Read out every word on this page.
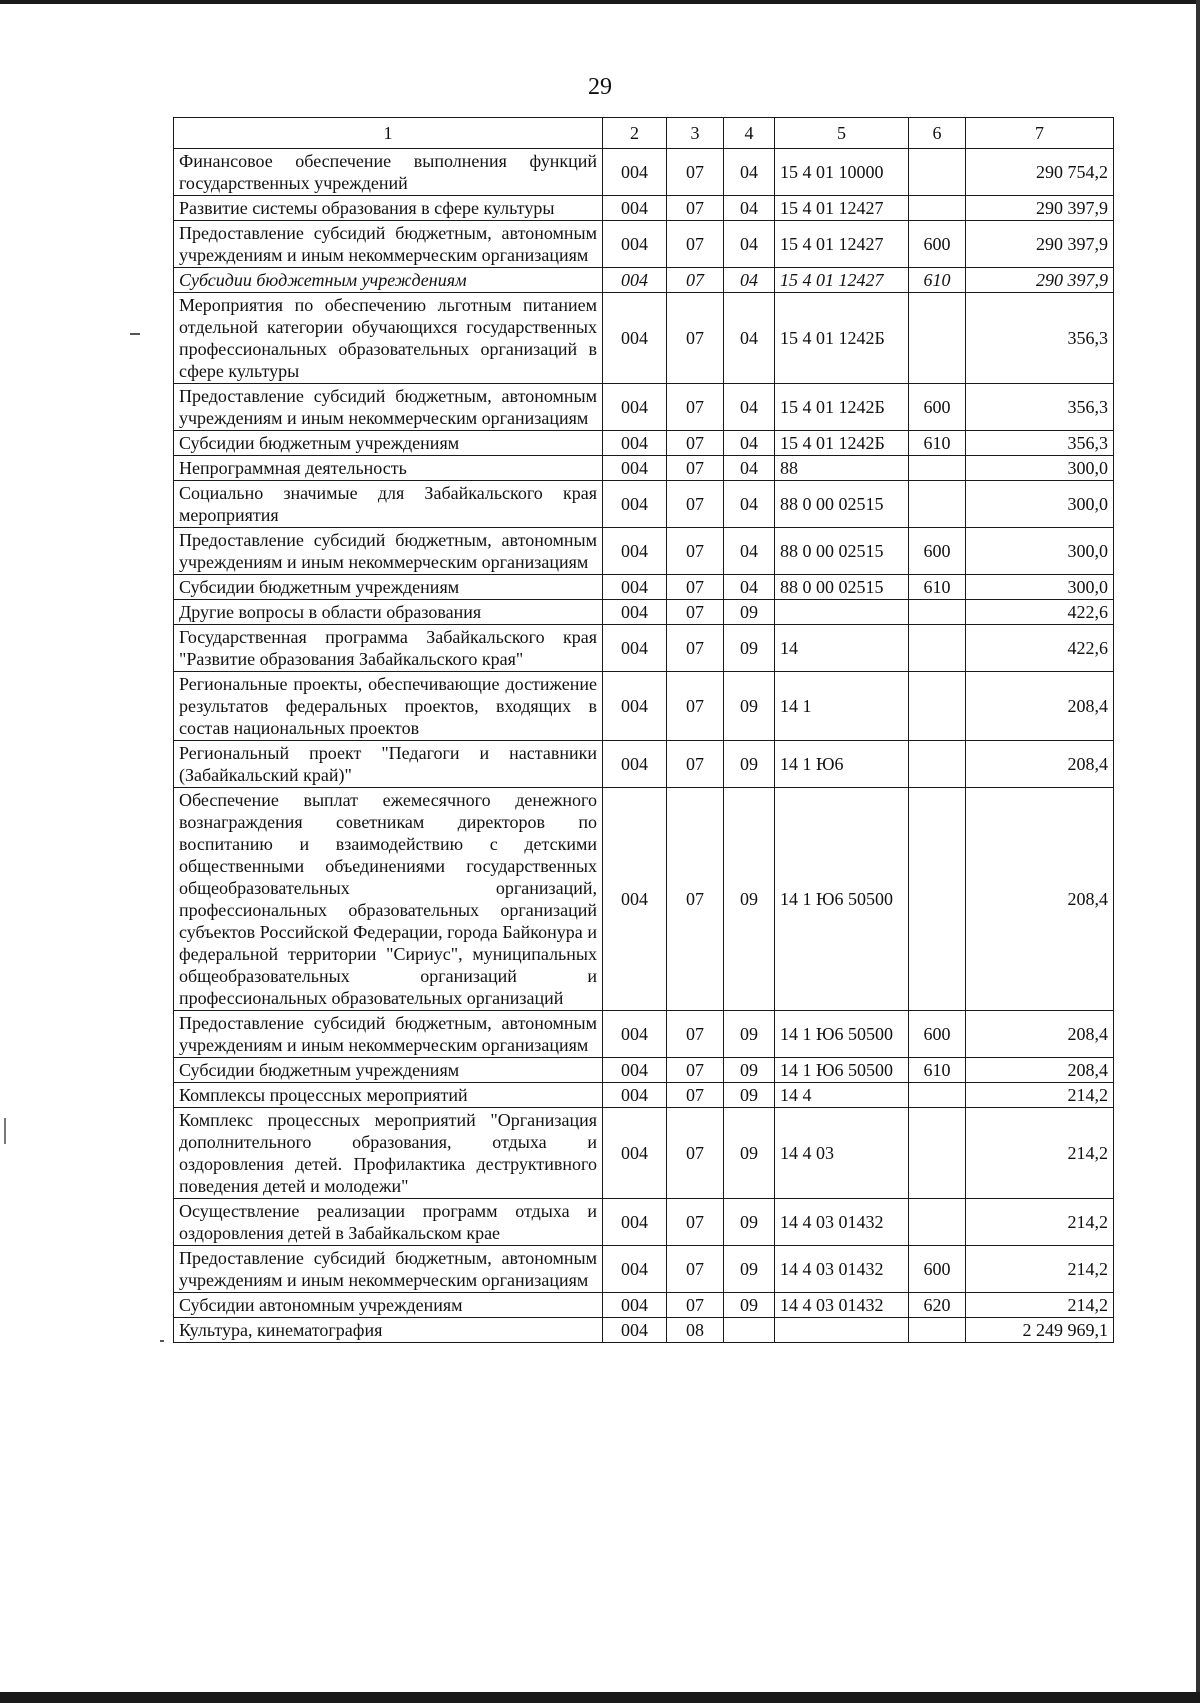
29
1	2	3	4	5	6	7
Финансовое обеспечение выполнения функций государственных учреждений	004	07	04	15 4 01 10000		290 754,2
Развитие системы образования в сфере культуры	004	07	04	15 4 01 12427		290 397,9
Предоставление субсидий бюджетным, автономным учреждениям и иным некоммерческим организациям	004	07	04	15 4 01 12427	600	290 397,9
Субсидии бюджетным учреждениям	004	07	04	15 4 01 12427	610	290 397,9
Мероприятия по обеспечению льготным питанием отдельной категории обучающихся государственных профессиональных образовательных организаций в сфере культуры	004	07	04	15 4 01 1242Б		356,3
Предоставление субсидий бюджетным, автономным учреждениям и иным некоммерческим организациям	004	07	04	15 4 01 1242Б	600	356,3
Субсидии бюджетным учреждениям	004	07	04	15 4 01 1242Б	610	356,3
Непрограммная деятельность	004	07	04	88		300,0
Социально значимые для Забайкальского края мероприятия	004	07	04	88 0 00 02515		300,0
Предоставление субсидий бюджетным, автономным учреждениям и иным некоммерческим организациям	004	07	04	88 0 00 02515	600	300,0
Субсидии бюджетным учреждениям	004	07	04	88 0 00 02515	610	300,0
Другие вопросы в области образования	004	07	09			422,6
Государственная программа Забайкальского края "Развитие образования Забайкальского края"	004	07	09	14		422,6
Региональные проекты, обеспечивающие достижение результатов федеральных проектов, входящих в состав национальных проектов	004	07	09	14 1		208,4
Региональный проект "Педагоги и наставники (Забайкальский край)"	004	07	09	14 1 Ю6		208,4
Обеспечение выплат ежемесячного денежного вознаграждения советникам директоров по воспитанию и взаимодействию с детскими общественными объединениями государственных общеобразовательных организаций, профессиональных образовательных организаций субъектов Российской Федерации, города Байконура и федеральной территории "Сириус", муниципальных общеобразовательных организаций и профессиональных образовательных организаций	004	07	09	14 1 Ю6 50500		208,4
Предоставление субсидий бюджетным, автономным учреждениям и иным некоммерческим организациям	004	07	09	14 1 Ю6 50500	600	208,4
Субсидии бюджетным учреждениям	004	07	09	14 1 Ю6 50500	610	208,4
Комплексы процессных мероприятий	004	07	09	14 4		214,2
Комплекс процессных мероприятий "Организация дополнительного образования, отдыха и оздоровления детей. Профилактика деструктивного поведения детей и молодежи"	004	07	09	14 4 03		214,2
Осуществление реализации программ отдыха и оздоровления детей в Забайкальском крае	004	07	09	14 4 03 01432		214,2
Предоставление субсидий бюджетным, автономным учреждениям и иным некоммерческим организациям	004	07	09	14 4 03 01432	600	214,2
Субсидии автономным учреждениям	004	07	09	14 4 03 01432	620	214,2
Культура, кинематография	004	08				2 249 969,1
